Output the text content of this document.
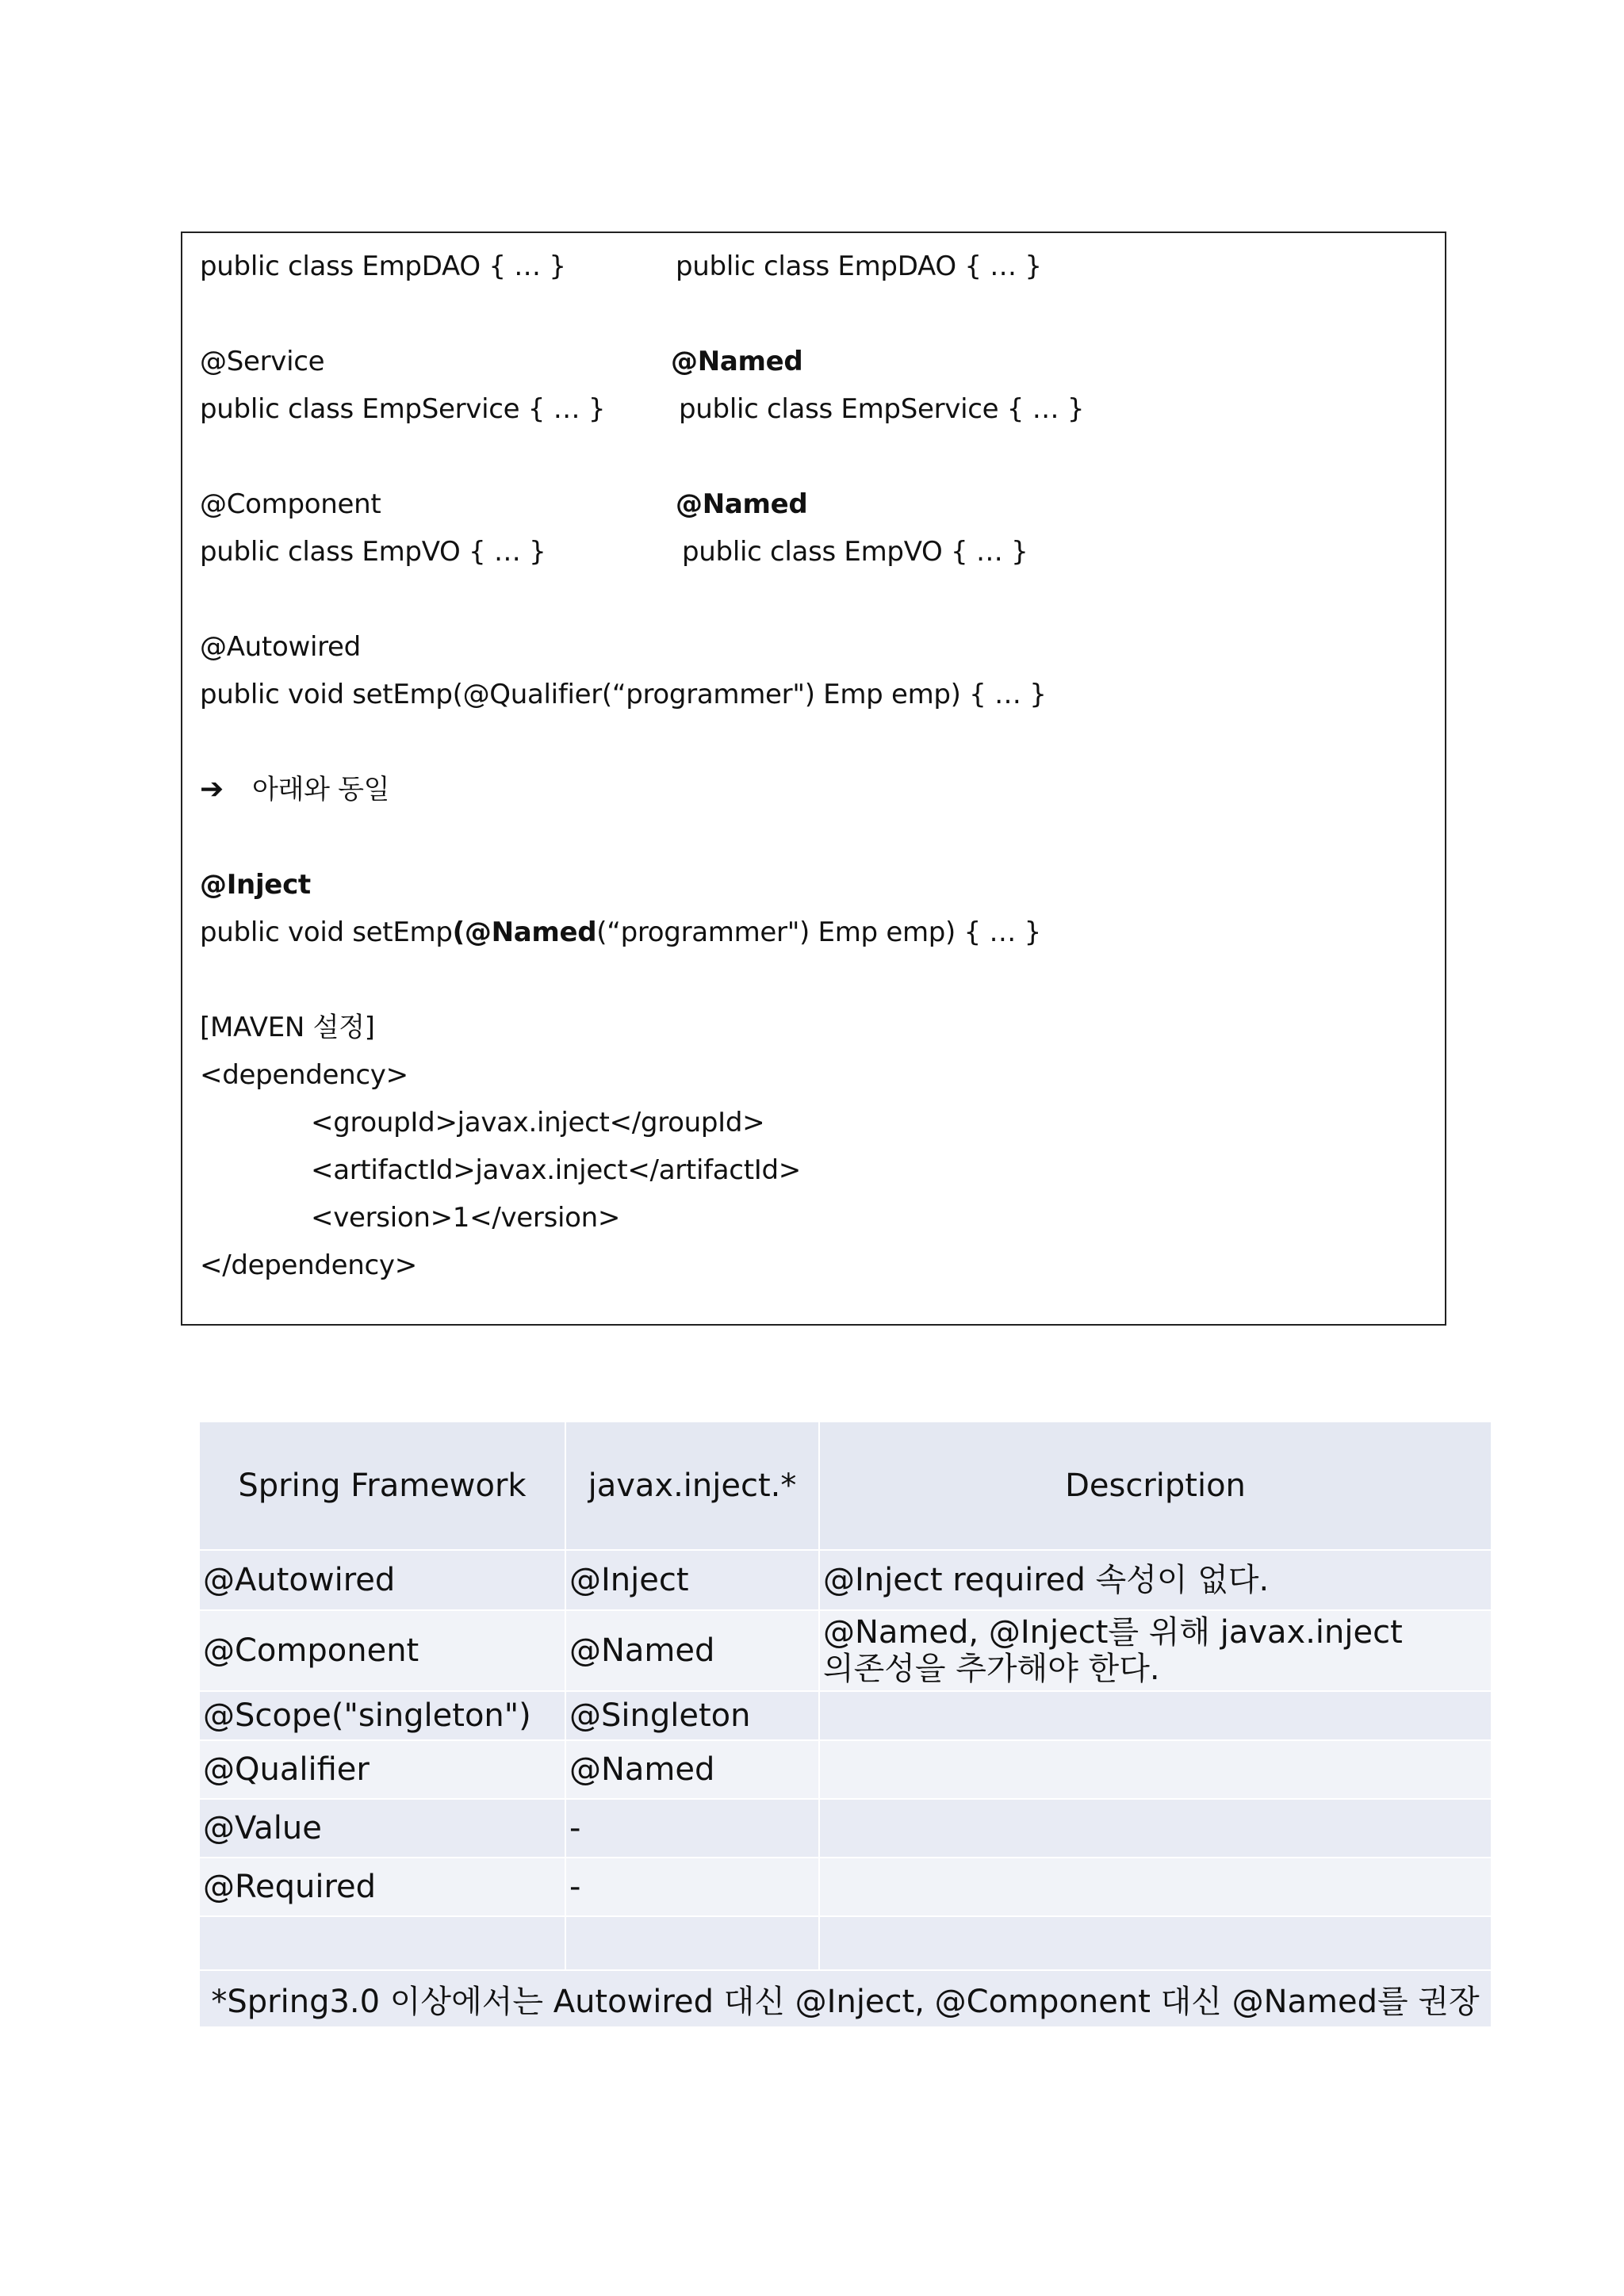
public class EmpDAO { … }	public class EmpDAO { … }
@Service	@Named
public class EmpService { … }	public class EmpService { … }
@Component	@Named
public class EmpVO { … }	public class EmpVO { … }
@Autowired
public void setEmp(@Qualifier(“programmer") Emp emp) { … }
➔ 아래와 동일
@Inject
public void setEmp(@Named(“programmer") Emp emp) { … }
[MAVEN 설정]
<dependency>
<groupId>javax.inject</groupId>
<artifactId>javax.inject</artifactId>
<version>1</version>
</dependency>
Spring Framework	javax.inject.*	Description
@Autowired	@Inject	@Inject required 속성이 없다.
@Component	@Named	@Named, @Inject를 위해 javax.inject 의존성을 추가해야 한다.
@Scope("singleton")	@Singleton	
@Qualifier	@Named	
@Value	-	
@Required	-	

*Spring3.0 이상에서는 Autowired 대신 @Inject, @Component 대신 @Named를 권장		
